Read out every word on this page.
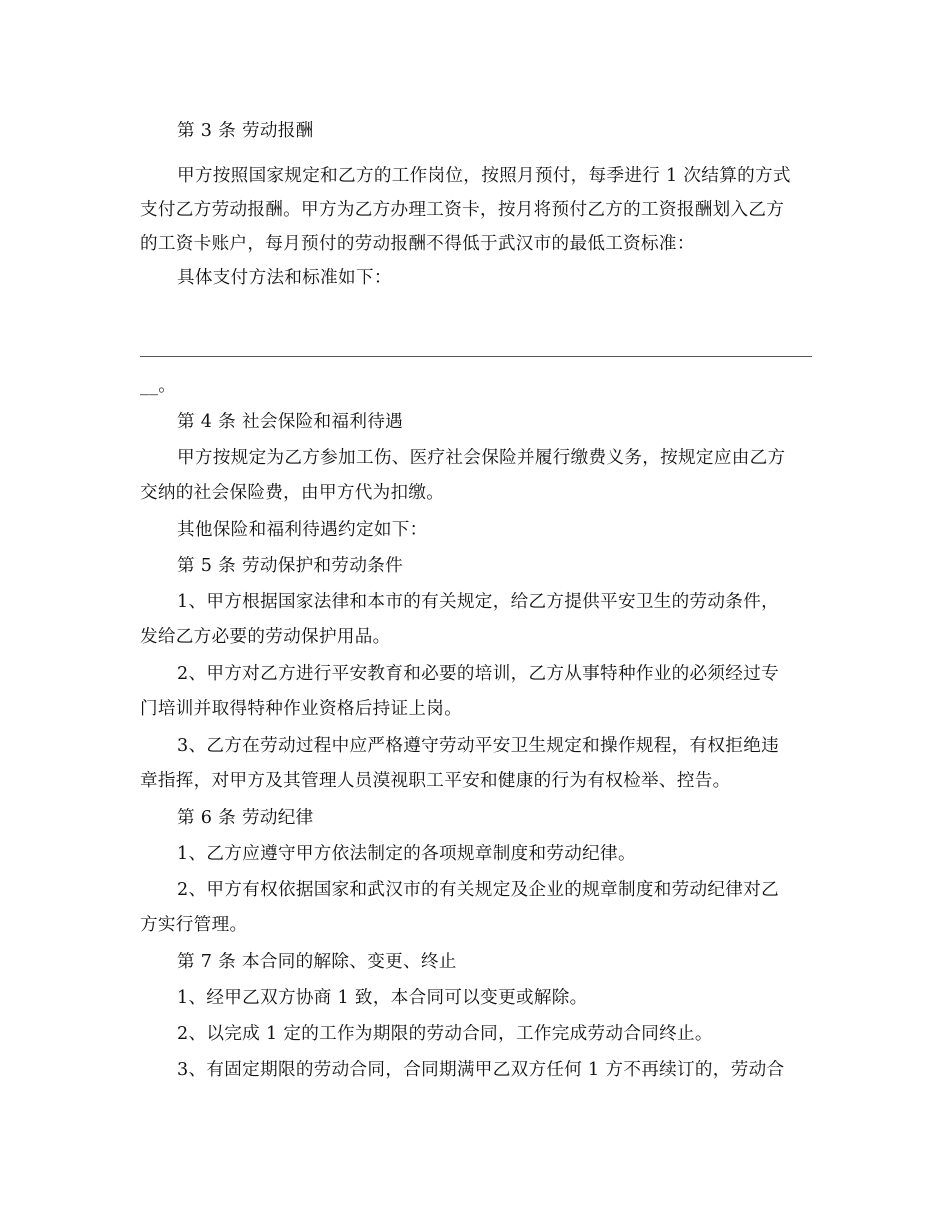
第 3 条 劳动报酬
甲方按照国家规定和乙方的工作岗位，按照月预付，每季进行 1 次结算的方式
支付乙方劳动报酬。甲方为乙方办理工资卡，按月将预付乙方的工资报酬划入乙方
的工资卡账户，每月预付的劳动报酬不得低于武汉市的最低工资标准：
具体支付方法和标准如下：
__。
第 4 条 社会保险和福利待遇
甲方按规定为乙方参加工伤、医疗社会保险并履行缴费义务，按规定应由乙方
交纳的社会保险费，由甲方代为扣缴。
其他保险和福利待遇约定如下：
第 5 条 劳动保护和劳动条件
1、甲方根据国家法律和本市的有关规定，给乙方提供平安卫生的劳动条件，
发给乙方必要的劳动保护用品。
2、甲方对乙方进行平安教育和必要的培训，乙方从事特种作业的必须经过专
门培训并取得特种作业资格后持证上岗。
3、乙方在劳动过程中应严格遵守劳动平安卫生规定和操作规程，有权拒绝违
章指挥，对甲方及其管理人员漠视职工平安和健康的行为有权检举、控告。
第 6 条 劳动纪律
1、乙方应遵守甲方依法制定的各项规章制度和劳动纪律。
2、甲方有权依据国家和武汉市的有关规定及企业的规章制度和劳动纪律对乙
方实行管理。
第 7 条 本合同的解除、变更、终止
1、经甲乙双方协商 1 致，本合同可以变更或解除。
2、以完成 1 定的工作为期限的劳动合同，工作完成劳动合同终止。
3、有固定期限的劳动合同，合同期满甲乙双方任何 1 方不再续订的，劳动合
